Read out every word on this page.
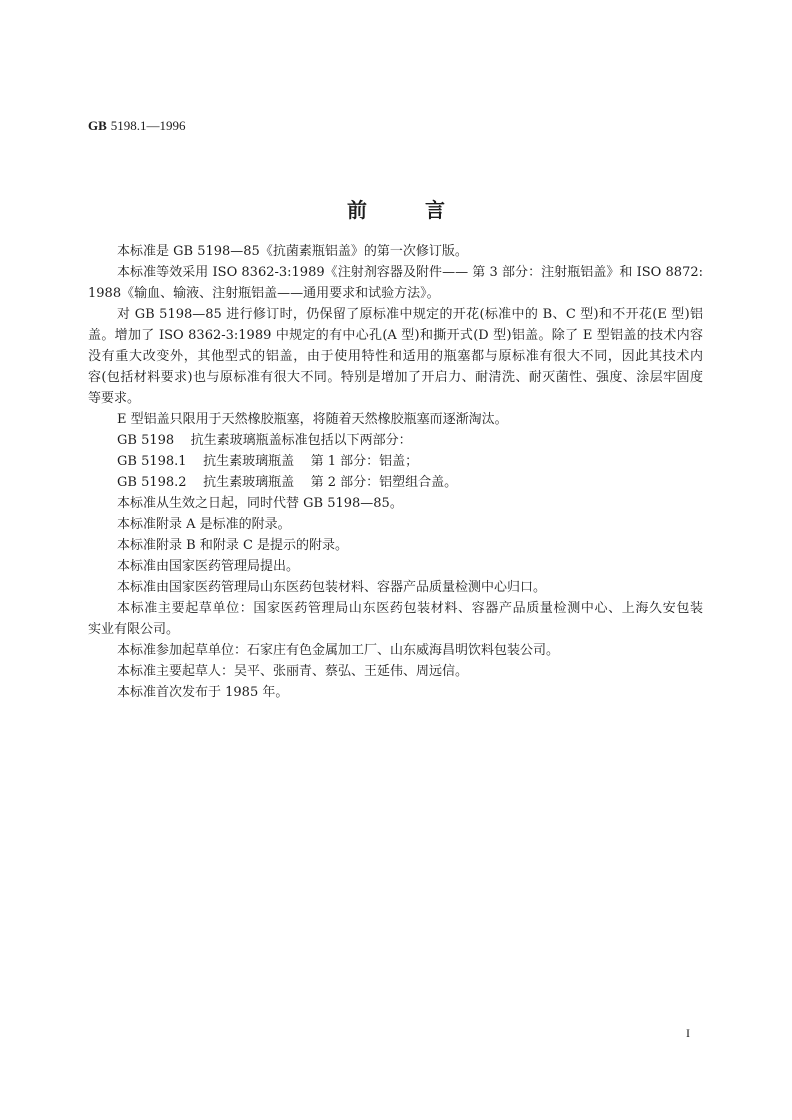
GB 5198.1—1996
前言
本标准是 GB 5198—85《抗菌素瓶铝盖》的第一次修订版。
本标准等效采用 ISO 8362-3:1989《注射剂容器及附件—— 第 3 部分：注射瓶铝盖》和 ISO 8872:
1988《输血、输液、注射瓶铝盖——通用要求和试验方法》。
对 GB 5198—85 进行修订时，仍保留了原标准中规定的开花(标准中的 B、C 型)和不开花(E 型)铝
盖。增加了 ISO 8362-3:1989 中规定的有中心孔(A 型)和撕开式(D 型)铝盖。除了 E 型铝盖的技术内容
没有重大改变外，其他型式的铝盖，由于使用特性和适用的瓶塞都与原标准有很大不同，因此其技术内
容(包括材料要求)也与原标准有很大不同。特别是增加了开启力、耐清洗、耐灭菌性、强度、涂层牢固度
等要求。
E 型铝盖只限用于天然橡胶瓶塞，将随着天然橡胶瓶塞而逐渐淘汰。
GB 5198    抗生素玻璃瓶盖标准包括以下两部分：
GB 5198.1    抗生素玻璃瓶盖    第 1 部分：铝盖；
GB 5198.2    抗生素玻璃瓶盖    第 2 部分：铝塑组合盖。
本标准从生效之日起，同时代替 GB 5198—85。
本标准附录 A 是标准的附录。
本标准附录 B 和附录 C 是提示的附录。
本标准由国家医药管理局提出。
本标准由国家医药管理局山东医药包装材料、容器产品质量检测中心归口。
本标准主要起草单位：国家医药管理局山东医药包装材料、容器产品质量检测中心、上海久安包装
实业有限公司。
本标准参加起草单位：石家庄有色金属加工厂、山东威海昌明饮料包装公司。
本标准主要起草人：吴平、张丽青、蔡弘、王延伟、周远信。
本标准首次发布于 1985 年。
I
